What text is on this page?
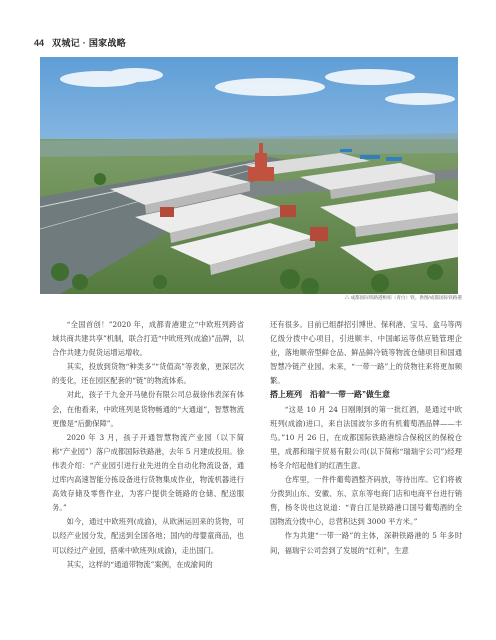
44 双城记 · 国家战略
△ 成都国际铁路港枢纽（青白）铁。供图/成都国际铁路港

“全国首创！”2020 年，成都青港建立“中欧班列跨省域共商共建共享”机制，联合打造“中欧班列(成渝)”品牌，以合作共建力促货运增运增收。

其实，投放到货物“种类多”“货值高”等表象，更深层次的变化，还在园区配套的“链”的物流体系。

对此，孩子干九金开马驰份有限公司总裁徐伟表深有体会，在他看来，中欧班列是货物畅通的“大通道”，智慧物流更像是“后勤保障”。

2020 年 3 月，孩子开通智慧物流产业园（以下简称“产业园”）落户成都国际铁路港，去年 5 月建成投用。徐伟表介绍：“产业园引进行业先进的全自动化物流设备，通过库内高速智能分拣设备进行货物集成作业，物流机器进行高效存储及零售作业，为客户提供全链路的仓储、配送服务。”

如今，通过中欧班列(成渝)，从欧洲运回来的货物，可以经产业园分发，配送到全国各地；国内的母婴童商品，也可以经过产业园，搭乘中欧班列(成渝)，走出国门。

其实，这样的“通道带物流”案例，在成渝间的

还有很多。目前已组群招引博世、保利港、宝马、盒马等两亿级分拨中心项目，引进顺丰、中国邮运等供应链管理企业，落地顺帝型鲜仓品、鲜品鲜冷链等物流仓储项目和国通智慧冷链产业园。未来，“一带一路”上的货物往来将更加频繁。

搭上班列　沿着“一带一路”做生意

“这是 10 月 24 日刚刚到的第一批红酒，是通过中欧班列(成渝)进口，来自法国波尔多的有机葡萄酒品牌——丰鸟。”10 月 26 日，在成都国际铁路港综合保税区的保税仓里，成都和瑞宇贸易有限公司(以下简称“瑞瑞宇公司”)经理杨冬介绍起他们的红酒生意。

仓库里，一件件葡萄酒整齐码放，等待出库。它们将被分拨到山东、安徽、东、京东等电商门店和电商平台进行销售，杨冬说也这说道：“青白江是铁路港口国号葡萄酒的全国物流分拨中心，总营积达到 3000 平方米。”

作为共建“一带一路”的主体，深耕铁路港的 5 年多时间，福瑞宇公司尝到了发展的“红利”，生意
